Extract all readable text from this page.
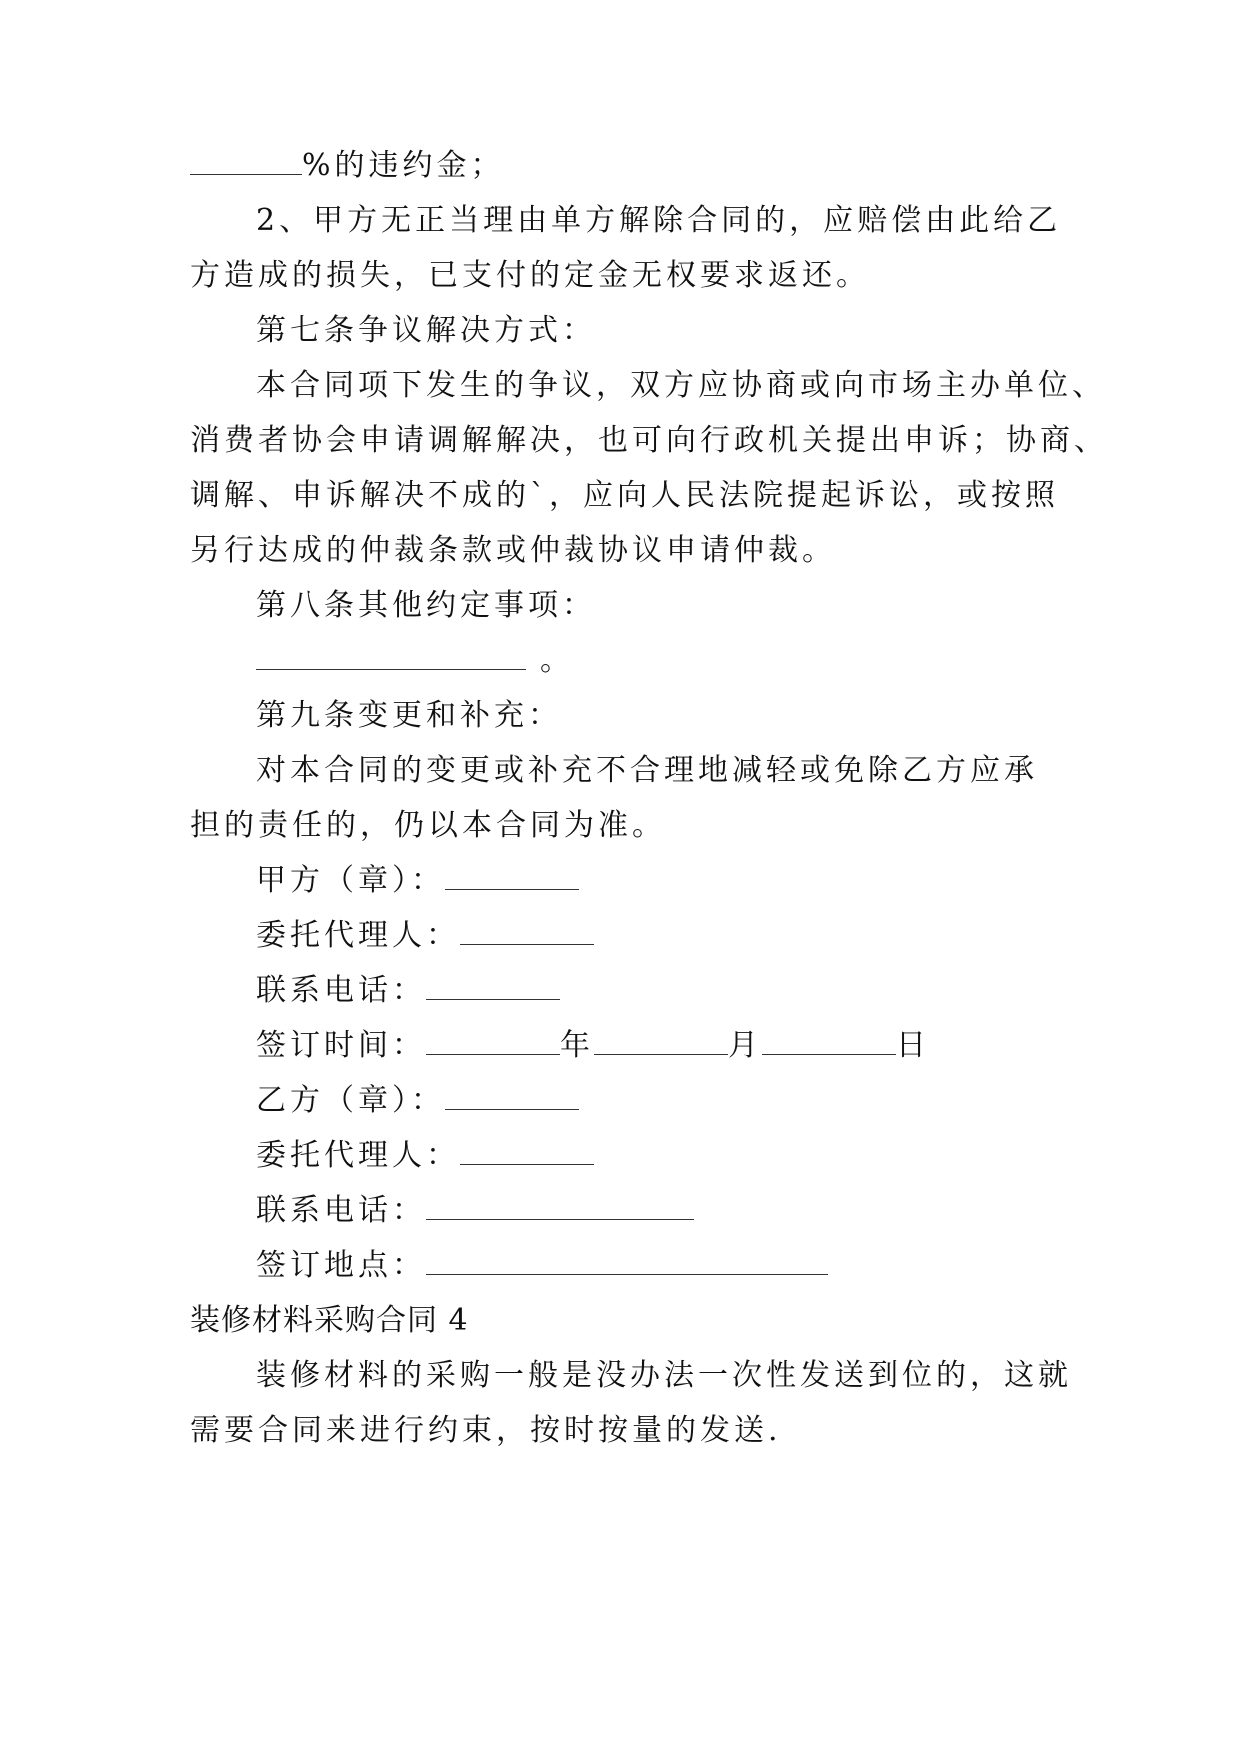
%的违约金；
2、甲方无正当理由单方解除合同的，应赔偿由此给乙
方造成的损失，已支付的定金无权要求返还。
第七条争议解决方式：
本合同项下发生的争议，双方应协商或向市场主办单位、
消费者协会申请调解解决，也可向行政机关提出申诉；协商、
调解、申诉解决不成的`，应向人民法院提起诉讼，或按照
另行达成的仲裁条款或仲裁协议申请仲裁。
第八条其他约定事项：
。
第九条变更和补充：
对本合同的变更或补充不合理地减轻或免除乙方应承
担的责任的，仍以本合同为准。
甲方（章）：
委托代理人：
联系电话：
签订时间：	年	月	日
乙方（章）：
委托代理人：
联系电话：
签订地点：
装修材料采购合同 4
装修材料的采购一般是没办法一次性发送到位的，这就
需要合同来进行约束，按时按量的发送.
